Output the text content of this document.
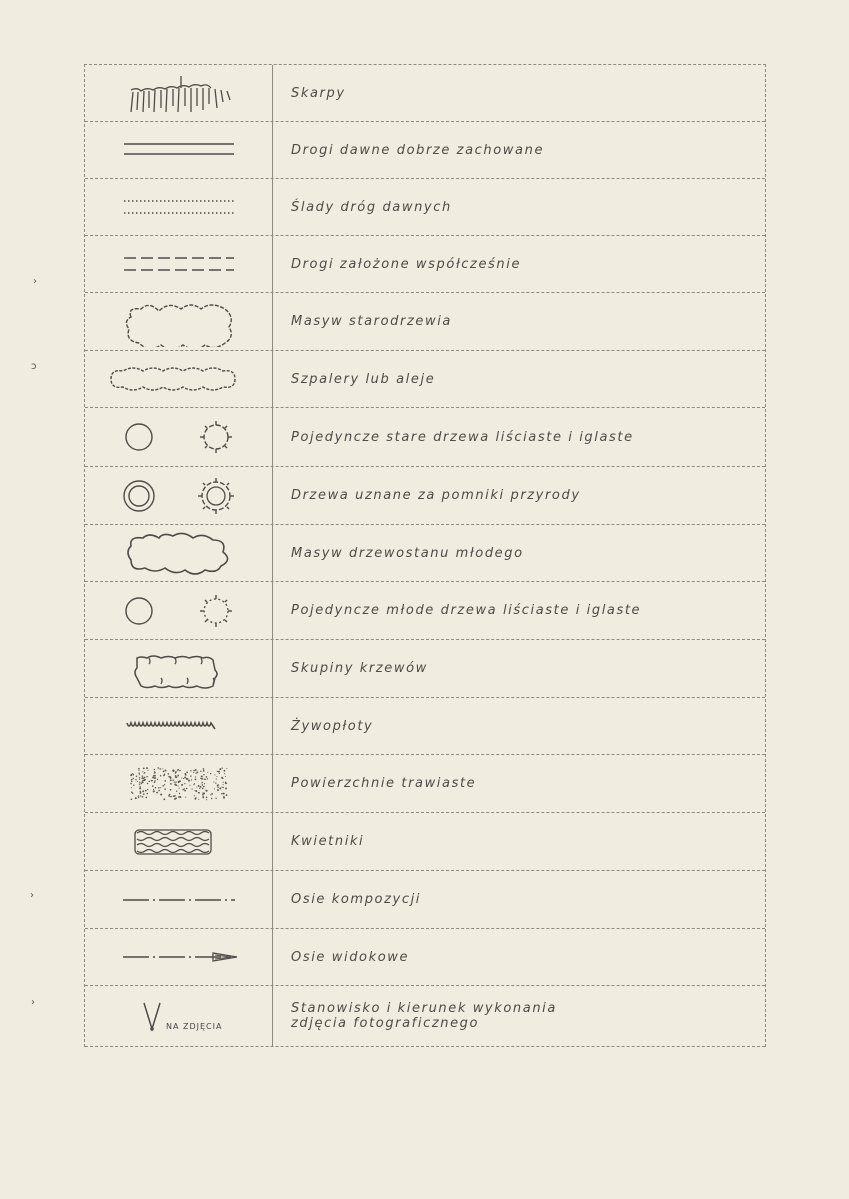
›
ɔ
›
›
Skarpy
Drogi dawne dobrze zachowane
Ślady dróg dawnych
Drogi założone współcześnie
Masyw starodrzewia
Szpalery lub aleje
Pojedyncze stare drzewa liściaste i iglaste
Drzewa uznane za pomniki przyrody
Masyw drzewostanu młodego
Pojedyncze młode drzewa liściaste i iglaste
Skupiny krzewów
Żywopłoty
Powierzchnie trawiaste
Kwietniki
Osie kompozycji
Osie widokowe
NA ZDJĘCIA
Stanowisko i kierunek wykonania
zdjęcia fotograficznego
